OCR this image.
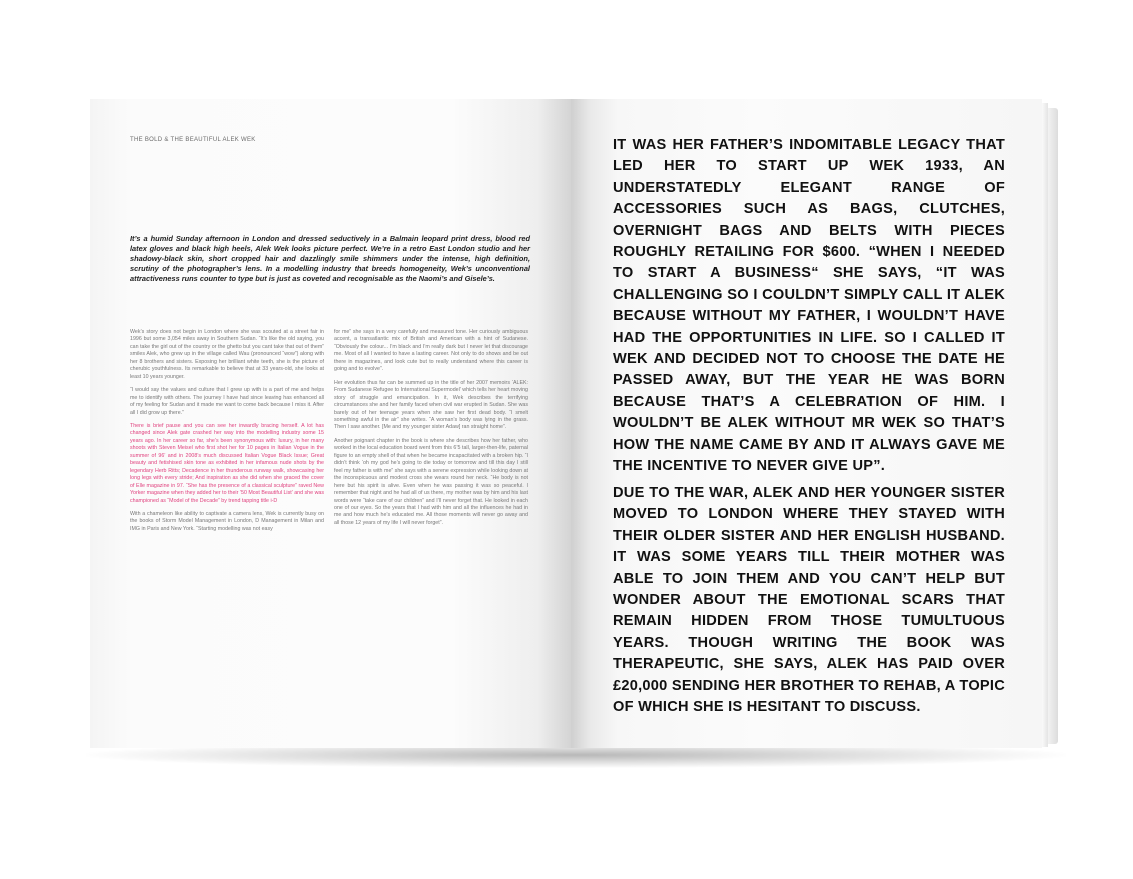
THE BOLD & THE BEAUTIFUL ALEK WEK
It’s a humid Sunday afternoon in London and dressed seductively in a Balmain leopard print dress, blood red latex gloves and black high heels, Alek Wek looks picture perfect. We’re in a retro East London studio and her shadowy-black skin, short cropped hair and dazzlingly smile shimmers under the intense, high definition, scrutiny of the photographer’s lens. In a modelling industry that breeds homogeneity, Wek’s unconventional attractiveness runs counter to type but is just as coveted and recognisable as the Naomi’s and Gisele’s.

Wek’s story does not begin in London where she was scouted at a street fair in 1996 but some 3,054 miles away in Southern Sudan. “It’s like the old saying, you can take the girl out of the country or the ghetto but you cant take that out of them” smiles Alek, who grew up in the village called Wau (pronounced “wow”) along with her 8 brothers and sisters. Exposing her brilliant white teeth, she is the picture of cherubic youthfulness. Its remarkable to believe that at 33 years-old, she looks at least 10 years younger.

“I would say the values and culture that I grew up with is a part of me and helps me to identify with others. The journey I have had since leaving has enhanced all of my feeling for Sudan and it made me want to come back because I miss it. After all I did grow up there.”

There is brief pause and you can see her inwardly bracing herself. A lot has changed since Alek gate crashed her way into the modelling industry some 15 years ago. In her career so far, she’s been synonymous with: luxury, in her many shoots with Steven Meisel who first shot her for 10 pages in Italian Vogue in the summer of 96’ and in 2008’s much discussed Italian Vogue Black Issue; Great beauty and fetishised skin tone as exhibited in her infamous nude shots by the legendary Herb Ritts; Decadence in her thunderous runway walk, showcasing her long legs with every stride; And inspiration as she did when she graced the cover of Elle magazine in 97. “She has the presence of a classical sculpture” raved New Yorker magazine when they added her to their ’50 Most Beautiful List’ and she was championed as “Model of the Decade” by trend tapping title i-D

With a chameleon like ability to captivate a camera lens, Wek is currently busy on the books of Storm Model Management in London, D Management in Milan and IMG in Paris and New York. “Starting modelling was not easy

for me” she says in a very carefully and measured tone. Her curiously ambiguous accent, a transatlantic mix of British and American with a hint of Sudanese. “Obviously the colour... I’m black and I’m really dark but I never let that discourage me. Most of all I wanted to have a lasting career. Not only to do shows and be out there in magazines, and look cute but to really understand where this career is going and to evolve”.

Her evolution thus far can be summed up in the title of her 2007 memoirs ‘ALEK: From Sudanese Refugee to International Supermodel’ which tells her heart moving story of struggle and emancipation. In it, Wek describes the terrifying circumstances she and her family faced when civil war erupted in Sudan. She was barely out of her teenage years when she saw her first dead body. “I smelt something awful in the air” she writes. “A woman’s body was lying in the grass. Then I saw another. [Me and my younger sister Adaw] ran straight home”.

Another poignant chapter in the book is where she describes how her father, who worked in the local education board went from this 6’5 tall, larger-then-life, paternal figure to an empty shell of that when he became incapacitated with a broken hip. “I didn’t think ‘oh my god he’s going to die today or tomorrow and till this day I still feel my father is with me” she says with a serene expression while looking down at the inconspicuous and modest cross she wears round her neck. “He body is not here but his spirit is alive. Even when he was passing it was so peaceful. I remember that night and he had all of us there, my mother was by him and his last words were “take care of our children” and I’ll never forget that. He looked in each one of our eyes. So the years that I had with him and all the influences he had in me and how much he’s educated me. All those moments will never go away and all those 12 years of my life I will never forget”.

IT WAS HER FATHER’S INDOMITABLE LEGACY THAT LED HER TO START UP WEK 1933, AN UNDERSTATEDLY ELEGANT RANGE OF ACCESSORIES SUCH AS BAGS, CLUTCHES, OVERNIGHT BAGS AND BELTS WITH PIECES ROUGHLY RETAILING FOR $600. “WHEN I NEEDED TO START A BUSINESS“ SHE SAYS, “IT WAS CHALLENGING SO I COULDN’T SIMPLY CALL IT ALEK BECAUSE WITHOUT MY FATHER, I WOULDN’T HAVE HAD THE OPPORTUNITIES IN LIFE. SO I CALLED IT WEK AND DECIDED NOT TO CHOOSE THE DATE HE PASSED AWAY, BUT THE YEAR HE WAS BORN BECAUSE THAT’S A CELEBRATION OF HIM. I WOULDN’T BE ALEK WITHOUT MR WEK SO THAT’S HOW THE NAME CAME BY AND IT ALWAYS GAVE ME THE INCENTIVE TO NEVER GIVE UP”.

DUE TO THE WAR, ALEK AND HER YOUNGER SISTER MOVED TO LONDON WHERE THEY STAYED WITH THEIR OLDER SISTER AND HER ENGLISH HUSBAND. IT WAS SOME YEARS TILL THEIR MOTHER WAS ABLE TO JOIN THEM AND YOU CAN’T HELP BUT WONDER ABOUT THE EMOTIONAL SCARS THAT REMAIN HIDDEN FROM THOSE TUMULTUOUS YEARS. THOUGH WRITING THE BOOK WAS THERAPEUTIC, SHE SAYS, ALEK HAS PAID OVER £20,000 SENDING HER BROTHER TO REHAB, A TOPIC OF WHICH SHE IS HESITANT TO DISCUSS.
